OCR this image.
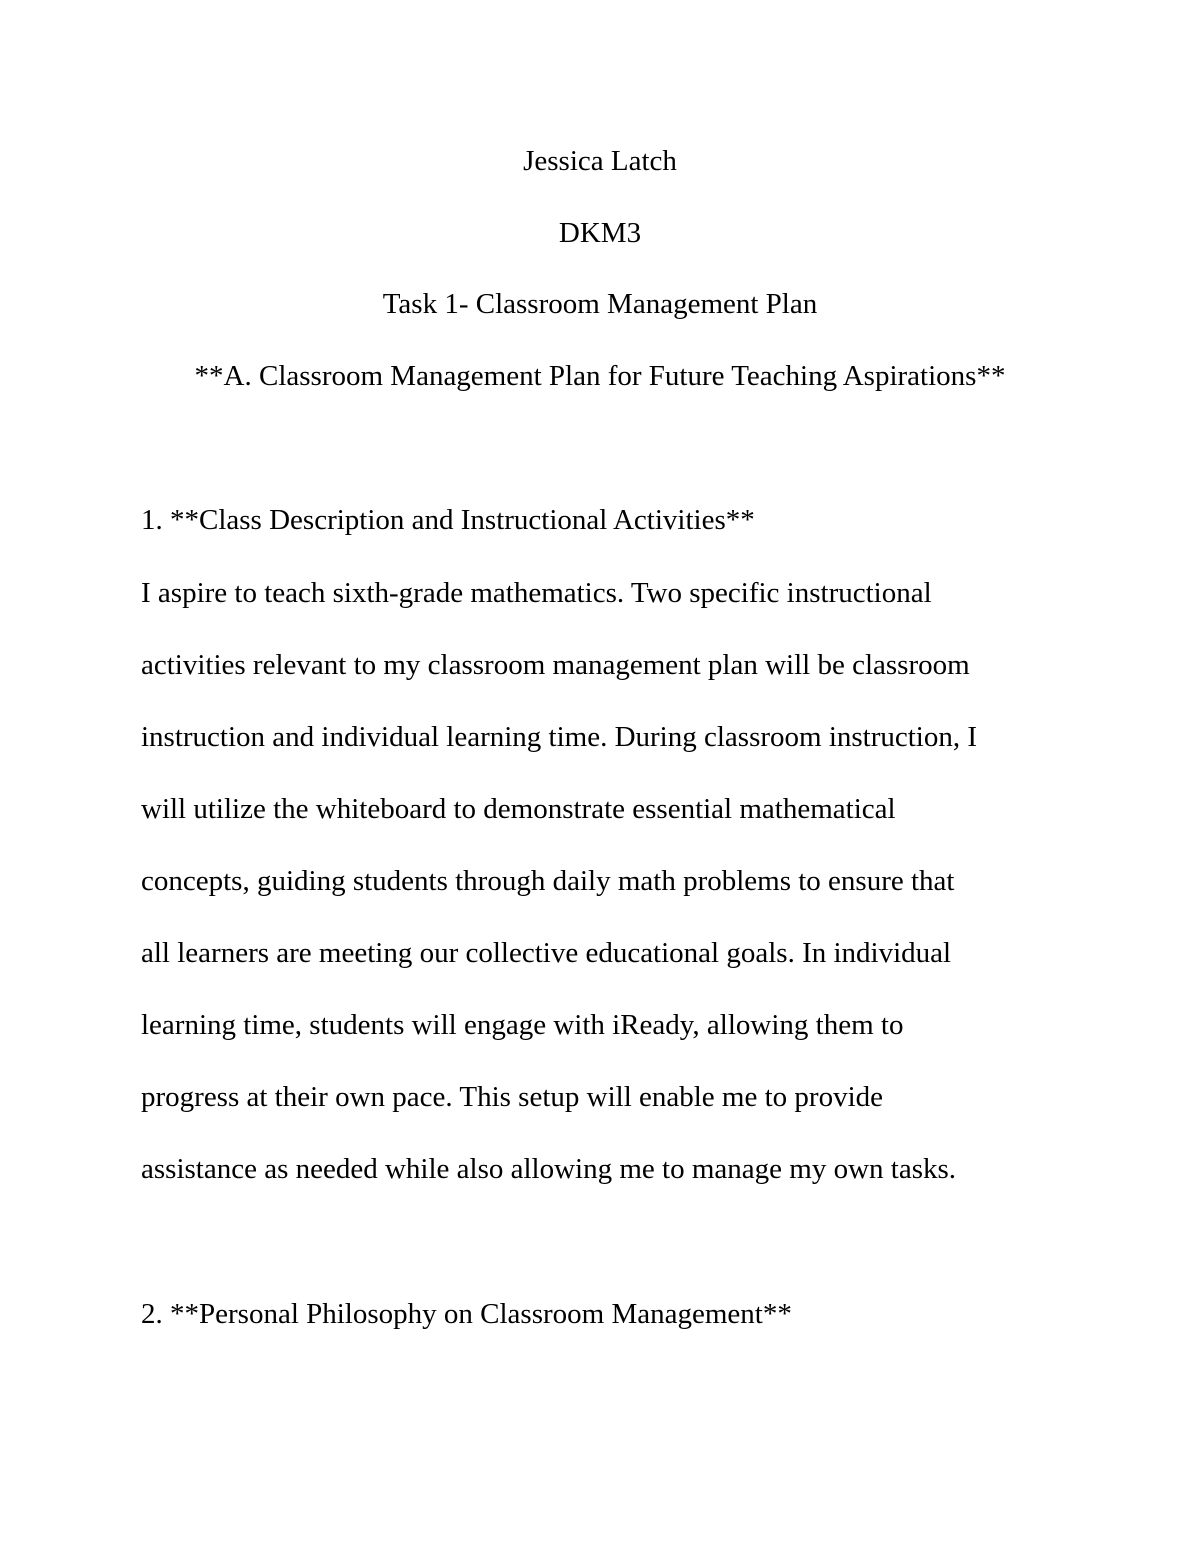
Jessica Latch

DKM3

Task 1- Classroom Management Plan

**A. Classroom Management Plan for Future Teaching Aspirations**

1. **Class Description and Instructional Activities**

I aspire to teach sixth-grade mathematics. Two specific instructional

activities relevant to my classroom management plan will be classroom

instruction and individual learning time. During classroom instruction, I

will utilize the whiteboard to demonstrate essential mathematical

concepts, guiding students through daily math problems to ensure that

all learners are meeting our collective educational goals. In individual

learning time, students will engage with iReady, allowing them to

progress at their own pace. This setup will enable me to provide

assistance as needed while also allowing me to manage my own tasks.

2. **Personal Philosophy on Classroom Management**
